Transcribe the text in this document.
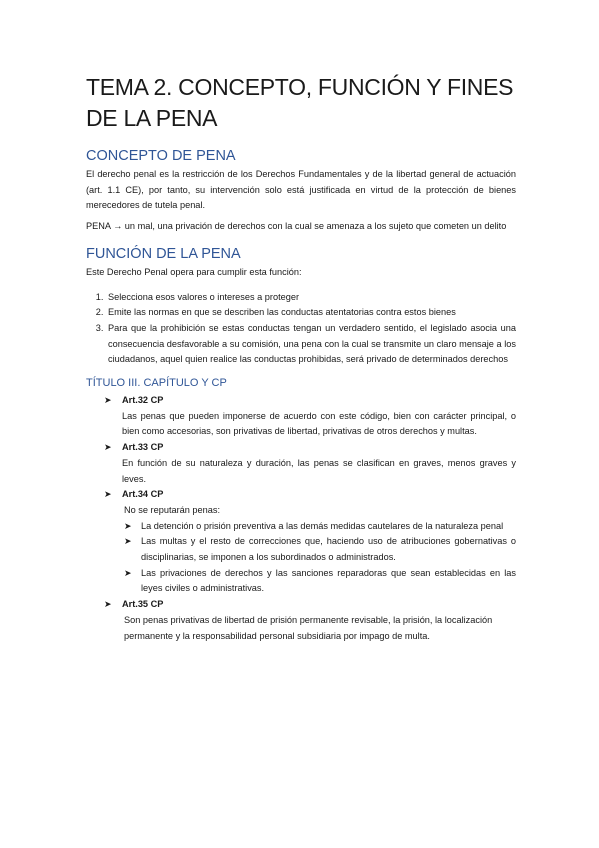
TEMA 2. CONCEPTO, FUNCIÓN Y FINES DE LA PENA
CONCEPTO DE PENA

El derecho penal es la restricción de los Derechos Fundamentales y de la libertad general de actuación (art. 1.1 CE), por tanto, su intervención solo está justificada en virtud de la protección de bienes merecedores de tutela penal.

PENA → un mal, una privación de derechos con la cual se amenaza a los sujeto que cometen un delito

FUNCIÓN DE LA PENA

Este Derecho Penal opera para cumplir esta función:

1. Selecciona esos valores o intereses a proteger
2. Emite las normas en que se describen las conductas atentatorias contra estos bienes
3. Para que la prohibición se estas conductas tengan un verdadero sentido, el legislado asocia una consecuencia desfavorable a su comisión, una pena con la cual se transmite un claro mensaje a los ciudadanos, aquel quien realice las conductas prohibidas, será privado de determinados derechos
TÍTULO III. CAPÍTULO Y CP
➤ Art.32 CP
Las penas que pueden imponerse de acuerdo con este código, bien con carácter principal, o bien como accesorias, son privativas de libertad, privativas de otros derechos y multas.
➤ Art.33 CP
En función de su naturaleza y duración, las penas se clasifican en graves, menos graves y leves.
➤ Art.34 CP
No se reputarán penas:
➤ La detención o prisión preventiva a las demás medidas cautelares de la naturaleza penal
➤ Las multas y el resto de correcciones que, haciendo uso de atribuciones gobernativas o disciplinarias, se imponen a los subordinados o administrados.
➤ Las privaciones de derechos y las sanciones reparadoras que sean establecidas en las leyes civiles o administrativas.
➤ Art.35 CP
Son penas privativas de libertad de prisión permanente revisable, la prisión, la localización permanente y la responsabilidad personal subsidiaria por impago de multa.
